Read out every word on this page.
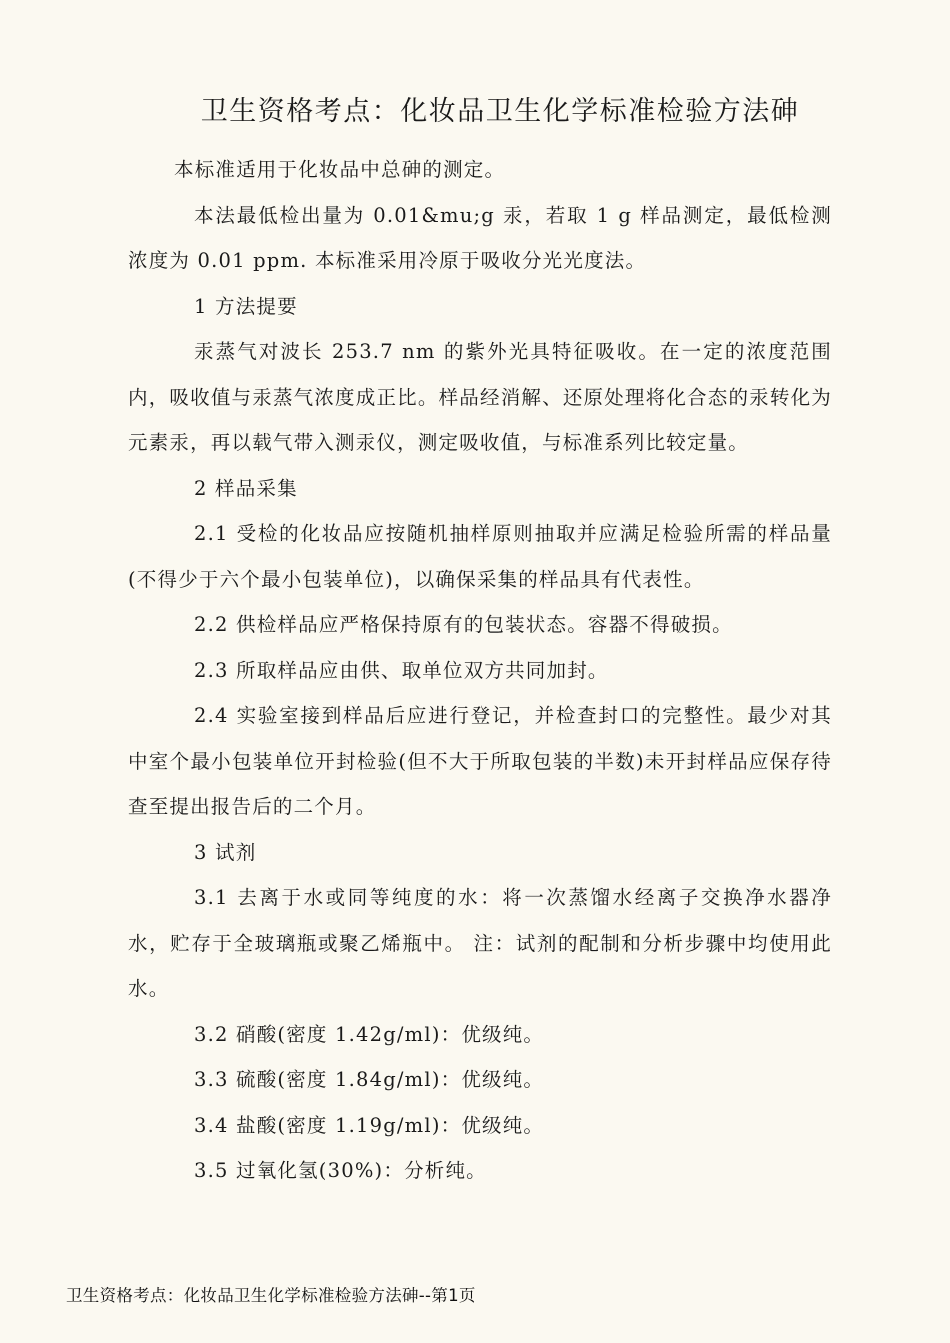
卫生资格考点：化妆品卫生化学标准检验方法砷

本标准适用于化妆品中总砷的测定。

本法最低检出量为 0.01&mu;g 汞，若取 1 g 样品测定，最低检测浓度为 0.01 ppm. 本标准采用冷原于吸收分光光度法。

1 方法提要

汞蒸气对波长 253.7 nm 的紫外光具特征吸收。在一定的浓度范围内，吸收值与汞蒸气浓度成正比。样品经消解、还原处理将化合态的汞转化为元素汞，再以载气带入测汞仪，测定吸收值，与标准系列比较定量。

2 样品采集

2.1 受检的化妆品应按随机抽样原则抽取并应满足检验所需的样品量(不得少于六个最小包装单位)，以确保采集的样品具有代表性。

2.2 供检样品应严格保持原有的包装状态。容器不得破损。

2.3 所取样品应由供、取单位双方共同加封。

2.4 实验室接到样品后应进行登记，并检查封口的完整性。最少对其中室个最小包装单位开封检验(但不大于所取包装的半数)未开封样品应保存待查至提出报告后的二个月。

3 试剂

3.1 去离于水或同等纯度的水：将一次蒸馏水经离子交换净水器净水，贮存于全玻璃瓶或聚乙烯瓶中。 注：试剂的配制和分析步骤中均使用此水。

3.2 硝酸(密度 1.42g/ml)：优级纯。

3.3 硫酸(密度 1.84g/ml)：优级纯。

3.4 盐酸(密度 1.19g/ml)：优级纯。

3.5 过氧化氢(30%)：分析纯。

卫生资格考点：化妆品卫生化学标准检验方法砷--第1页
